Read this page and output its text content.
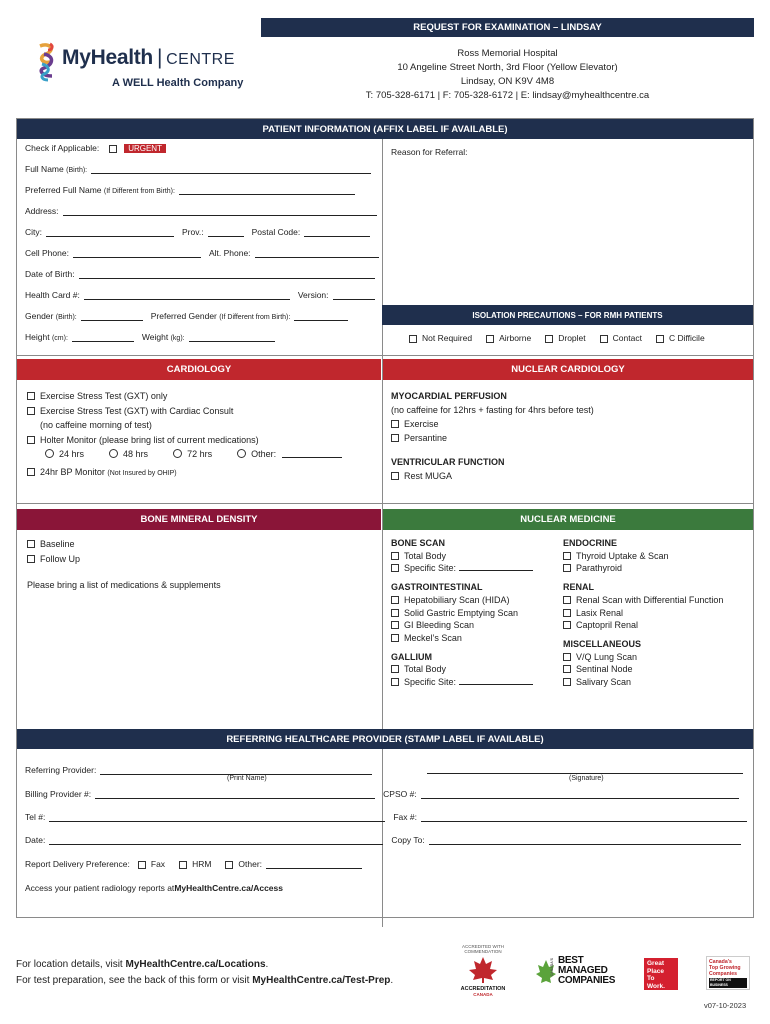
MyHealth | CENTRE
A WELL Health Company
REQUEST FOR EXAMINATION – LINDSAY
Ross Memorial Hospital
10 Angeline Street North, 3rd Floor (Yellow Elevator)
Lindsay, ON K9V 4M8
T: 705-328-6171 | F: 705-328-6172 | E: lindsay@myhealthcentre.ca
PATIENT INFORMATION (AFFIX LABEL IF AVAILABLE)
Check if Applicable:	URGENT	Reason for Referral:
Full Name
(Birth):
Preferred Full Name
(If Different from Birth):
Address:
City:	Prov.:	Postal Code:
Cell Phone:	Alt. Phone:
Date of Birth:
Health Card #:	Version:
Gender
(Birth):	Preferred Gender
(If Different from Birth):
Height
(cm):	Weight
(kg):
ISOLATION PRECAUTIONS – FOR RMH PATIENTS
Not Required	Airborne	Droplet	Contact	C Difficile
CARDIOLOGY	NUCLEAR CARDIOLOGY
Exercise Stress Test (GXT) only
Exercise Stress Test (GXT) with Cardiac Consult
(no caffeine morning of test)
Holter Monitor (please bring list of current medications)
24 hrs	48 hrs	72 hrs	Other:
24hr BP Monitor (Not Insured by OHIP)
MYOCARDIAL PERFUSION
(no caffeine for 12hrs + fasting for 4hrs before test)
Exercise
Persantine
VENTRICULAR FUNCTION
Rest MUGA
BONE MINERAL DENSITY	NUCLEAR MEDICINE
Baseline
Follow Up
Please bring a list of medications & supplements
BONE SCAN
Total Body
Specific Site:
GASTROINTESTINAL
Hepatobiliary Scan (HIDA)
Solid Gastric Emptying Scan
GI Bleeding Scan
Meckel’s Scan
GALLIUM
Total Body
Specific Site:
ENDOCRINE
Thyroid Uptake & Scan
Parathyroid
RENAL
Renal Scan with Differential Function
Lasix Renal
Captopril Renal
MISCELLANEOUS
V/Q Lung Scan
Sentinal Node
Salivary Scan
REFERRING HEALTHCARE PROVIDER (STAMP LABEL IF AVAILABLE)
Referring Provider:
(Print Name)	(Signature)
Billing Provider #:	CPSO #:
Tel #:	Fax #:
Date:	Copy To:
Report Delivery Preference: Fax	HRM	Other:
Access your patient radiology reports at MyHealthCentre.ca/Access
For location details, visit MyHealthCentre.ca/Locations.
For test preparation, see the back of this form or visit MyHealthCentre.ca/Test-Prep.
ACCREDITED WITH COMMENDATION
ACCREDITATION
CANADA
BEST
MANAGED
COMPANIES
CANADA'S	Great
Place
To
Work.
Canada's
Top Growing
Companies
REPORT ON BUSINESS
v07-10-2023
